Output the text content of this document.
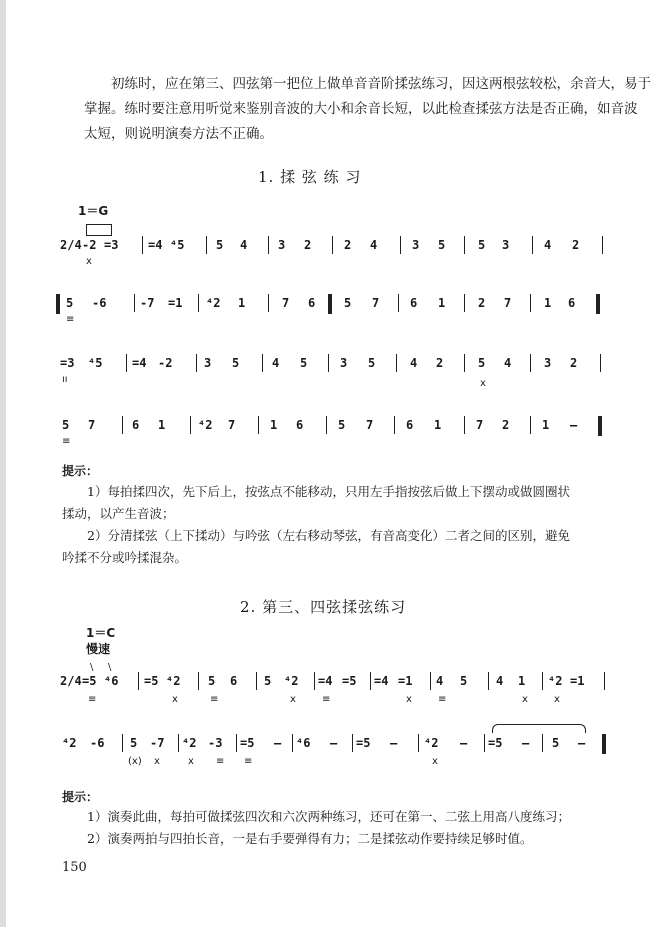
初练时，应在第三、四弦第一把位上做单音音阶揉弦练习，因这两根弦较松，余音大，易于
掌握。练时要注意用听觉来鉴别音波的大小和余音长短，以此检查揉弦方法是否正确，如音波
太短，则说明演奏方法不正确。
1. 揉 弦 练 习
1＝G
2/4 -2 =3 =4 ⁴5	5 4	3 2	2 4	3 5	5 3	4 2
x
5 -6	-7 =1 ⁴2 1	7 6 5 7	6 1	2 7	1 6
≡
=3 ⁴5 =4 -2	3 5	4 5	3 5	4 2	5 4	3 2
ıı	x
5 7	6 1	⁴2 7	1 6	5 7	6 1	7 2	1 –
≡
提示：
1）每拍揉四次，先下后上，按弦点不能移动，只用左手指按弦后做上下摆动或做圆圈状
揉动，以产生音波；
2）分清揉弦（上下揉动）与吟弦（左右移动琴弦，有音高变化）二者之间的区别，避免
吟揉不分或吟揉混杂。
2. 第三、四弦揉弦练习
1＝C
慢速
\ \
2/4 =5 ⁴6 =5 ⁴2 5 6 5 ⁴2 =4 =5 =4 =1 4 5 4 1 ⁴2 =1
≡	x	≡	x	≡	x	≡	x	x
⁴2 -6 5 -7 ⁴2 -3 =5 – ⁴6 – =5 – ⁴2 – =5 – 5 –
(x) x	x ≡ ≡	x
提示：
1）演奏此曲，每拍可做揉弦四次和六次两种练习，还可在第一、二弦上用高八度练习；
2）演奏两拍与四拍长音，一是右手要弹得有力；二是揉弦动作要持续足够时值。
150
